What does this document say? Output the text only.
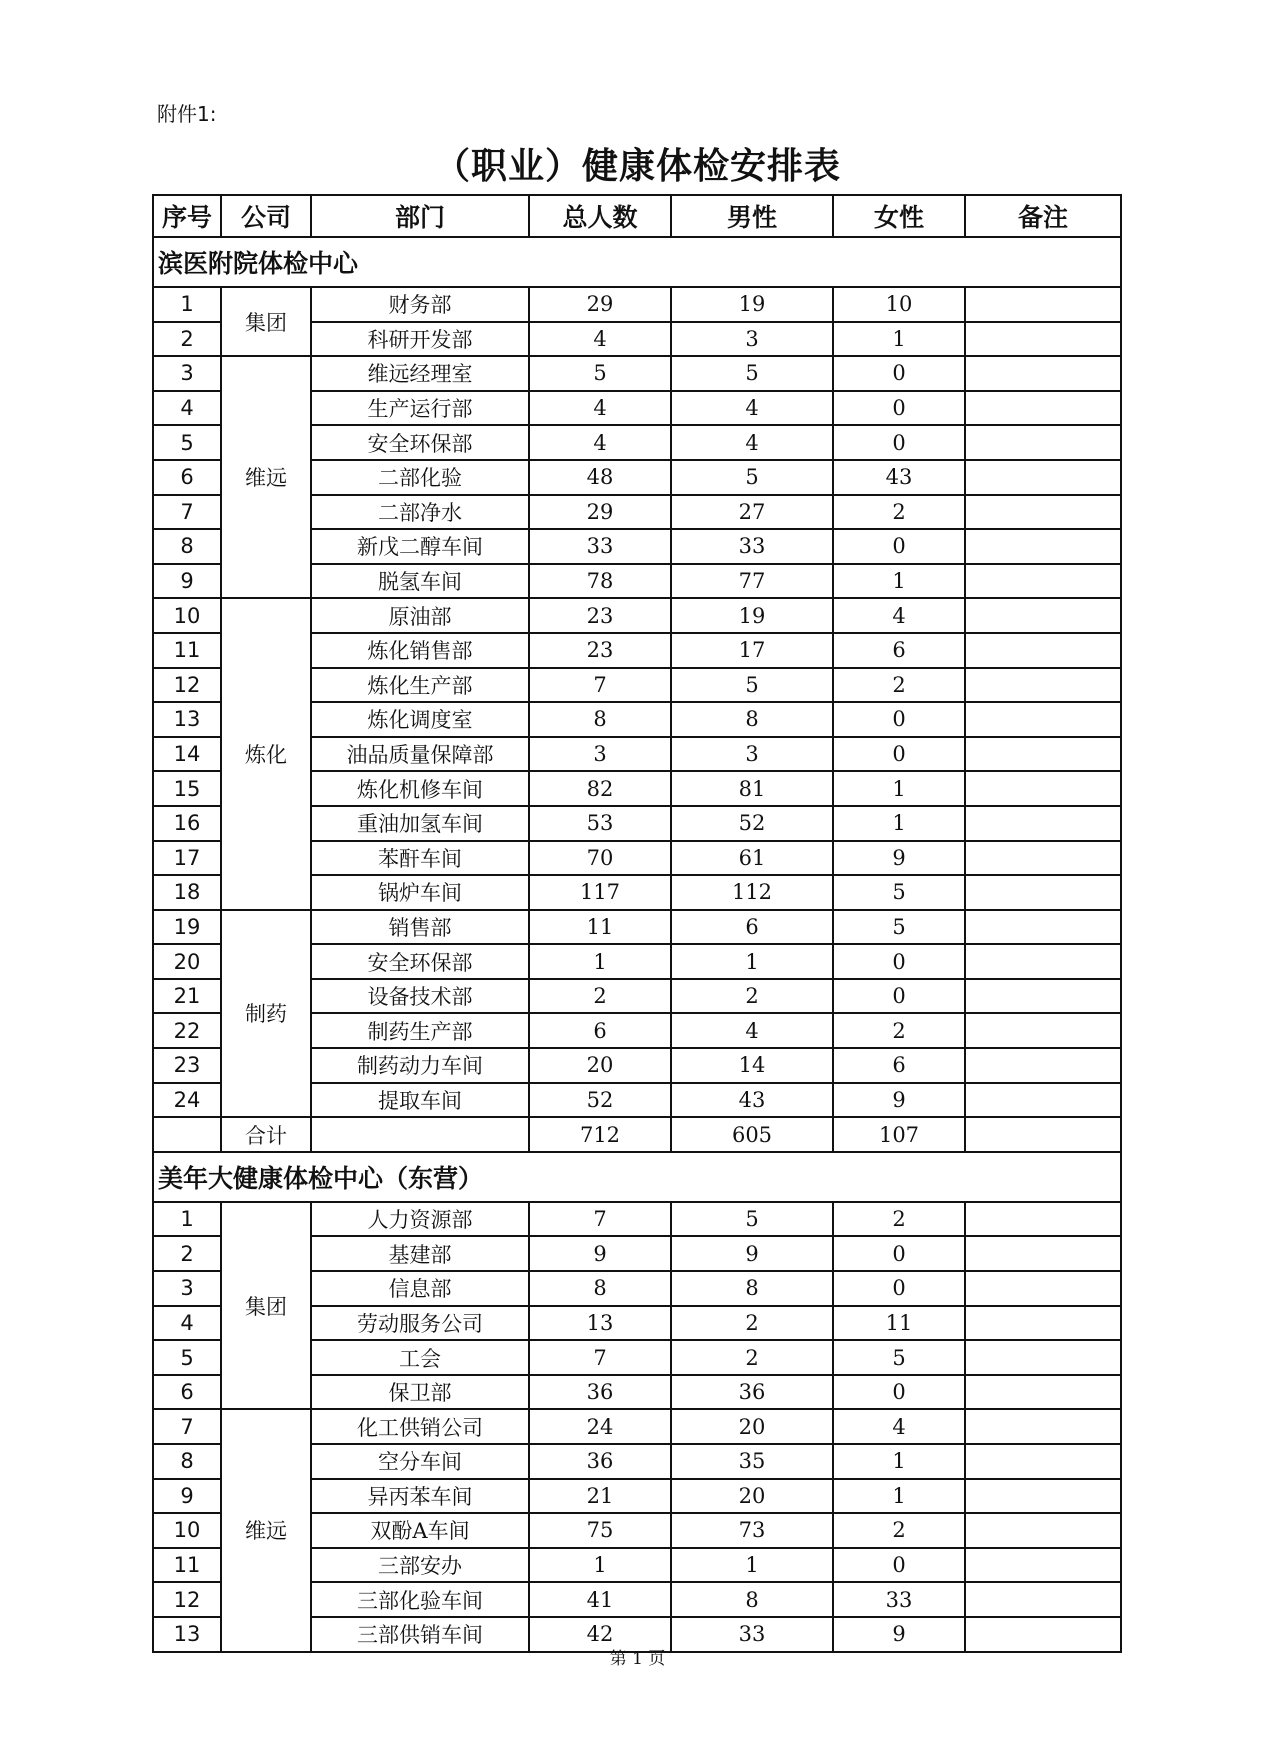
附件1:
（职业）健康体检安排表
序号	公司	部门	总人数	男性	女性	备注
滨医附院体检中心						
1	集团	财务部	29	19	10	
2		科研开发部	4	3	1	
3	维远	维远经理室	5	5	0	
4		生产运行部	4	4	0	
5		安全环保部	4	4	0	
6		二部化验	48	5	43	
7		二部净水	29	27	2	
8		新戊二醇车间	33	33	0	
9		脱氢车间	78	77	1	
10	炼化	原油部	23	19	4	
11		炼化销售部	23	17	6	
12		炼化生产部	7	5	2	
13		炼化调度室	8	8	0	
14		油品质量保障部	3	3	0	
15		炼化机修车间	82	81	1	
16		重油加氢车间	53	52	1	
17		苯酐车间	70	61	9	
18		锅炉车间	117	112	5	
19	制药	销售部	11	6	5	
20		安全环保部	1	1	0	
21		设备技术部	2	2	0	
22		制药生产部	6	4	2	
23		制药动力车间	20	14	6	
24		提取车间	52	43	9	
	合计		712	605	107	
美年大健康体检中心（东营）						
1	集团	人力资源部	7	5	2	
2		基建部	9	9	0	
3		信息部	8	8	0	
4		劳动服务公司	13	2	11	
5		工会	7	2	5	
6		保卫部	36	36	0	
7	维远	化工供销公司	24	20	4	
8		空分车间	36	35	1	
9		异丙苯车间	21	20	1	
10		双酚A车间	75	73	2	
11		三部安办	1	1	0	
12		三部化验车间	41	8	33	
13		三部供销车间	42	33	9	
第 1 页
